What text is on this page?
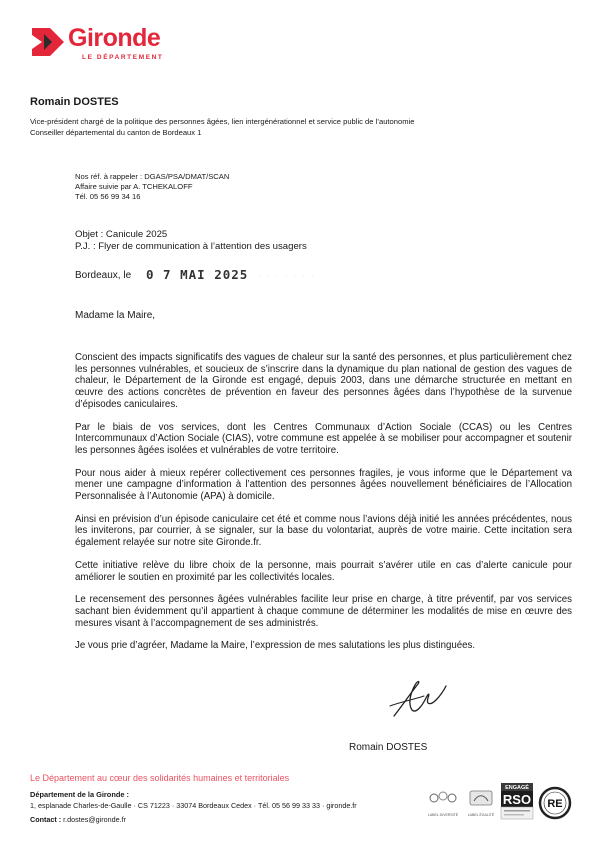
Gironde
LE DÉPARTEMENT
Romain DOSTES
Vice-président chargé de la politique des personnes âgées, lien intergénérationnel et service public de l’autonomie
Conseiller départemental du canton de Bordeaux 1
Nos réf. à rappeler : DGAS/PSA/DMAT/SCAN
Affaire suivie par A. TCHEKALOFF
Tél. 05 56 99 34 16
Objet : Canicule 2025
P.J. : Flyer de communication à l’attention des usagers
Bordeaux, le 0 7 MAI 2025 · · · · · · ·
Madame la Maire,

Conscient des impacts significatifs des vagues de chaleur sur la santé des personnes, et plus particulièrement chez les personnes vulnérables, et soucieux de s’inscrire dans la dynamique du plan national de gestion des vagues de chaleur, le Département de la Gironde est engagé, depuis 2003, dans une démarche structurée en mettant en œuvre des actions concrètes de prévention en faveur des personnes âgées dans l’hypothèse de la survenue d’épisodes caniculaires.

Par le biais de vos services, dont les Centres Communaux d’Action Sociale (CCAS) ou les Centres Intercommunaux d’Action Sociale (CIAS), votre commune est appelée à se mobiliser pour accompagner et soutenir les personnes âgées isolées et vulnérables de votre territoire.

Pour nous aider à mieux repérer collectivement ces personnes fragiles, je vous informe que le Département va mener une campagne d’information à l’attention des personnes âgées nouvellement bénéficiaires de l’Allocation Personnalisée à l’Autonomie (APA) à domicile.

Ainsi en prévision d’un épisode caniculaire cet été et comme nous l’avions déjà initié les années précédentes, nous les inviterons, par courrier, à se signaler, sur la base du volontariat, auprès de votre mairie. Cette incitation sera également relayée sur notre site Gironde.fr.

Cette initiative relève du libre choix de la personne, mais pourrait s’avérer utile en cas d’alerte canicule pour améliorer le soutien en proximité par les collectivités locales.

Le recensement des personnes âgées vulnérables facilite leur prise en charge, à titre préventif, par vos services sachant bien évidemment qu’il appartient à chaque commune de déterminer les modalités de mise en œuvre des mesures visant à l’accompagnement de ses administrés.

Je vous prie d’agréer, Madame la Maire, l’expression de mes salutations les plus distinguées.

Romain DOSTES
Le Département au cœur des solidarités humaines et territoriales
Département de la Gironde :
1, esplanade Charles-de-Gaulle · CS 71223 · 33074 Bordeaux Cedex · Tél. 05 56 99 33 33 · gironde.fr
Contact : r.dostes@gironde.fr	LABEL DIVERSITÉ	LABEL ÉGALITÉ
ENGAGÉ
RSO RE
